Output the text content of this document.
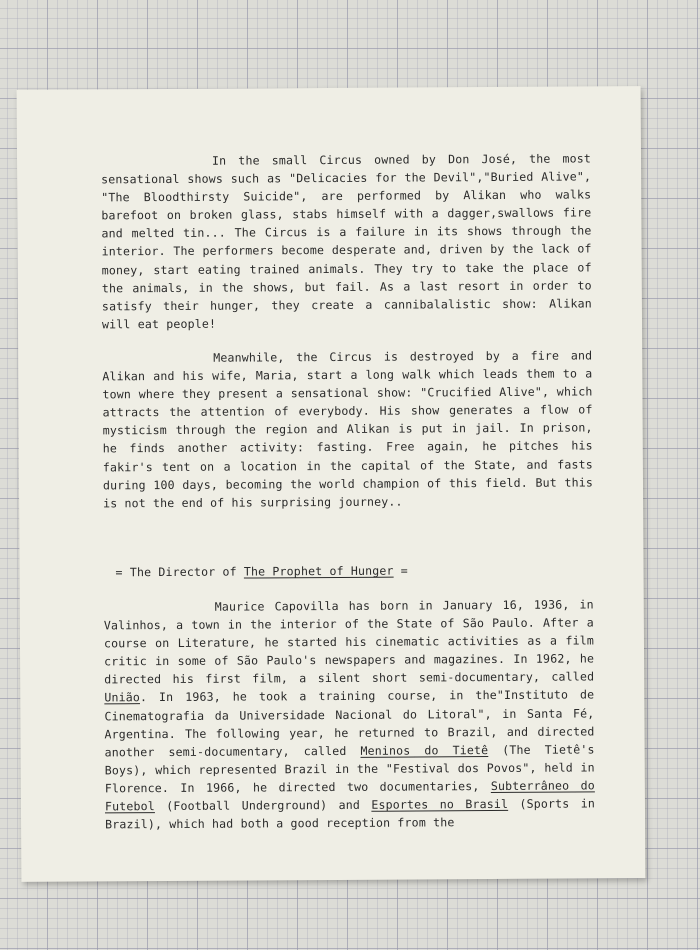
In the small Circus owned by Don José, the most sensational shows such as "Delicacies for the Devil","Buried Alive", "The Bloodthirsty Suicide", are performed by Alikan who walks barefoot on broken glass, stabs himself with a dagger,swallows fire and melted tin... The Circus is a failure in its shows through the interior. The performers become desperate and, driven by the lack of money, start eating trained animals. They try to take the place of the animals, in the shows, but fail. As a last resort in order to satisfy their hunger, they create a cannibalalistic show: Alikan will eat people!

Meanwhile, the Circus is destroyed by a fire and Alikan and his wife, Maria, start a long walk which leads them to a town where they present a sensational show: "Crucified Alive", which attracts the attention of everybody. His show generates a flow of mysticism through the region and Alikan is put in jail. In prison, he finds another activity: fasting. Free again, he pitches his fakir's tent on a location in the capital of the State, and fasts during 100 days, becoming the world champion of this field. But this is not the end of his surprising journey..

= The Director of The Prophet of Hunger =

Maurice Capovilla has born in January 16, 1936, in Valinhos, a town in the interior of the State of São Paulo. After a course on Literature, he started his cinematic activities as a film critic in some of São Paulo's newspapers and magazines. In 1962, he directed his first film, a silent short semi-documentary, called União. In 1963, he took a training course, in the"Instituto de Cinematografia da Universidade Nacional do Litoral", in Santa Fé, Argentina. The following year, he returned to Brazil, and directed another semi-documentary, called Meninos do Tietê (The Tietê's Boys), which represented Brazil in the "Festival dos Povos", held in Florence. In 1966, he directed two documentaries, Subterrâneo do Futebol (Football Underground) and Esportes no Brasil (Sports in Brazil), which had both a good reception from the
